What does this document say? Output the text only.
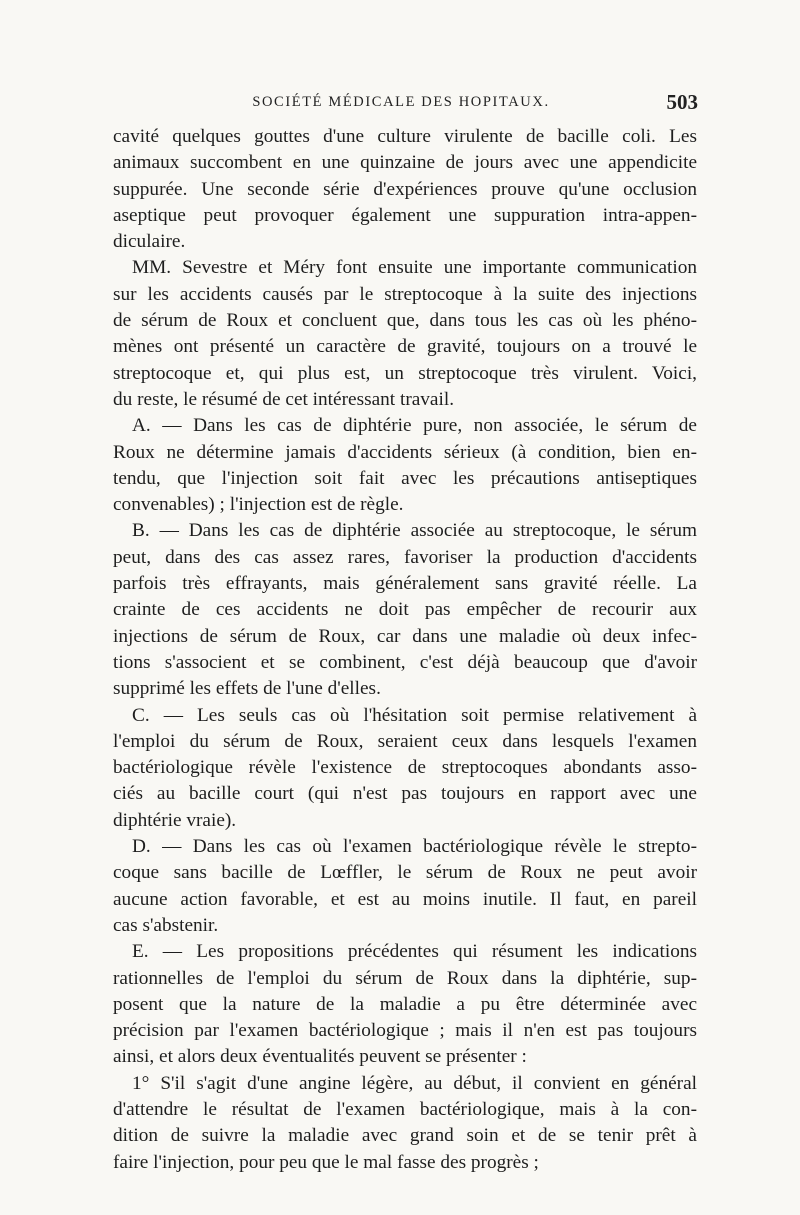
SOCIÉTÉ MÉDICALE DES HOPITAUX.	503
cavité quelques gouttes d'une culture virulente de bacille coli. Les
animaux succombent en une quinzaine de jours avec une appendicite
suppurée. Une seconde série d'expériences prouve qu'une occlusion
aseptique peut provoquer également une suppuration intra-appen-
diculaire.
MM. Sevestre et Méry font ensuite une importante communication
sur les accidents causés par le streptocoque à la suite des injections
de sérum de Roux et concluent que, dans tous les cas où les phéno-
mènes ont présenté un caractère de gravité, toujours on a trouvé le
streptocoque et, qui plus est, un streptocoque très virulent. Voici,
du reste, le résumé de cet intéressant travail.
A. — Dans les cas de diphtérie pure, non associée, le sérum de
Roux ne détermine jamais d'accidents sérieux (à condition, bien en-
tendu, que l'injection soit fait avec les précautions antiseptiques
convenables) ; l'injection est de règle.
B. — Dans les cas de diphtérie associée au streptocoque, le sérum
peut, dans des cas assez rares, favoriser la production d'accidents
parfois très effrayants, mais généralement sans gravité réelle. La
crainte de ces accidents ne doit pas empêcher de recourir aux
injections de sérum de Roux, car dans une maladie où deux infec-
tions s'associent et se combinent, c'est déjà beaucoup que d'avoir
supprimé les effets de l'une d'elles.
C. — Les seuls cas où l'hésitation soit permise relativement à
l'emploi du sérum de Roux, seraient ceux dans lesquels l'examen
bactériologique révèle l'existence de streptocoques abondants asso-
ciés au bacille court (qui n'est pas toujours en rapport avec une
diphtérie vraie).
D. — Dans les cas où l'examen bactériologique révèle le strepto-
coque sans bacille de Lœffler, le sérum de Roux ne peut avoir
aucune action favorable, et est au moins inutile. Il faut, en pareil
cas s'abstenir.
E. — Les propositions précédentes qui résument les indications
rationnelles de l'emploi du sérum de Roux dans la diphtérie, sup-
posent que la nature de la maladie a pu être déterminée avec
précision par l'examen bactériologique ; mais il n'en est pas toujours
ainsi, et alors deux éventualités peuvent se présenter :
1° S'il s'agit d'une angine légère, au début, il convient en général
d'attendre le résultat de l'examen bactériologique, mais à la con-
dition de suivre la maladie avec grand soin et de se tenir prêt à
faire l'injection, pour peu que le mal fasse des progrès ;
